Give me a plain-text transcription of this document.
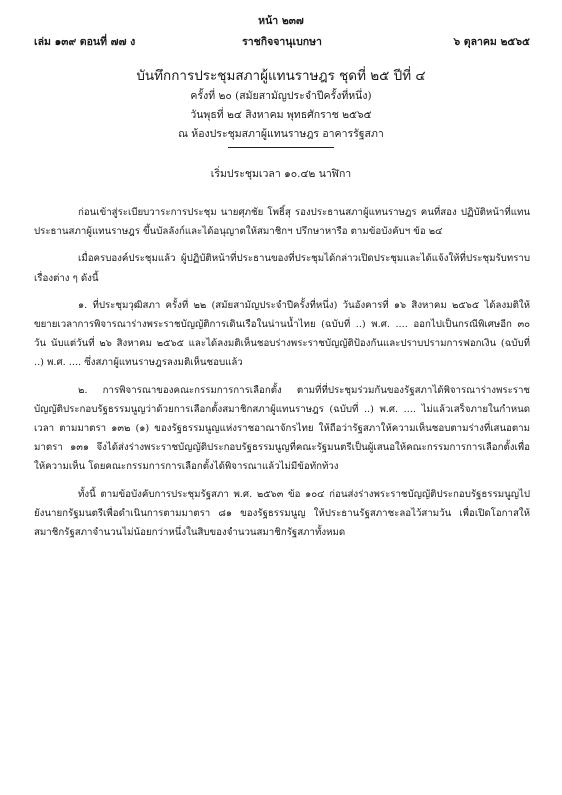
หน้า ๒๓๗
เล่ม ๑๓๙ ตอนที่ ๗๗ ง	ราชกิจจานุเบกษา	๖ ตุลาคม ๒๕๖๕
บันทึกการประชุมสภาผู้แทนราษฎร ชุดที่ ๒๕ ปีที่ ๔
ครั้งที่ ๒๐ (สมัยสามัญประจำปีครั้งที่หนึ่ง)
วันพุธที่ ๒๔ สิงหาคม พุทธศักราช ๒๕๖๕
ณ ห้องประชุมสภาผู้แทนราษฎร อาคารรัฐสภา
เริ่มประชุมเวลา ๑๐.๔๒ นาฬิกา

ก่อนเข้าสู่ระเบียบวาระการประชุม นายศุภชัย โพธิ์สุ รองประธานสภาผู้แทนราษฎร คนที่สอง ปฏิบัติหน้าที่แทนประธานสภาผู้แทนราษฎร ขึ้นบัลลังก์และได้อนุญาตให้สมาชิกฯ ปรึกษาหารือ ตามข้อบังคับฯ ข้อ ๒๔

เมื่อครบองค์ประชุมแล้ว ผู้ปฏิบัติหน้าที่ประธานของที่ประชุมได้กล่าวเปิดประชุมและได้แจ้งให้ที่ประชุมรับทราบเรื่องต่าง ๆ ดังนี้

๑. ที่ประชุมวุฒิสภา ครั้งที่ ๒๒ (สมัยสามัญประจำปีครั้งที่หนึ่ง) วันอังคารที่ ๑๖ สิงหาคม ๒๕๖๕ ได้ลงมติให้ขยายเวลาการพิจารณาร่างพระราชบัญญัติการเดินเรือในน่านน้ำไทย (ฉบับที่ ..) พ.ศ. .... ออกไปเป็นกรณีพิเศษอีก ๓๐ วัน นับแต่วันที่ ๒๖ สิงหาคม ๒๕๖๕ และได้ลงมติเห็นชอบร่างพระราชบัญญัติป้องกันและปราบปรามการฟอกเงิน (ฉบับที่ ..) พ.ศ. .... ซึ่งสภาผู้แทนราษฎรลงมติเห็นชอบแล้ว

๒. การพิจารณาของคณะกรรมการการเลือกตั้ง ตามที่ที่ประชุมร่วมกันของรัฐสภาได้พิจารณาร่างพระราชบัญญัติประกอบรัฐธรรมนูญว่าด้วยการเลือกตั้งสมาชิกสภาผู้แทนราษฎร (ฉบับที่ ..) พ.ศ. .... ไม่แล้วเสร็จภายในกำหนดเวลา ตามมาตรา ๑๓๒ (๑) ของรัฐธรรมนูญแห่งราชอาณาจักรไทย ให้ถือว่ารัฐสภาให้ความเห็นชอบตามร่างที่เสนอตามมาตรา ๑๓๑ จึงได้ส่งร่างพระราชบัญญัติประกอบรัฐธรรมนูญที่คณะรัฐมนตรีเป็นผู้เสนอให้คณะกรรมการการเลือกตั้งเพื่อให้ความเห็น โดยคณะกรรมการการเลือกตั้งได้พิจารณาแล้วไม่มีข้อทักท้วง

ทั้งนี้ ตามข้อบังคับการประชุมรัฐสภา พ.ศ. ๒๕๖๓ ข้อ ๑๐๔ ก่อนส่งร่างพระราชบัญญัติประกอบรัฐธรรมนูญไปยังนายกรัฐมนตรีเพื่อดำเนินการตามมาตรา ๘๑ ของรัฐธรรมนูญ ให้ประธานรัฐสภาชะลอไว้สามวัน เพื่อเปิดโอกาสให้สมาชิกรัฐสภาจำนวนไม่น้อยกว่าหนึ่งในสิบของจำนวนสมาชิกรัฐสภาทั้งหมด
